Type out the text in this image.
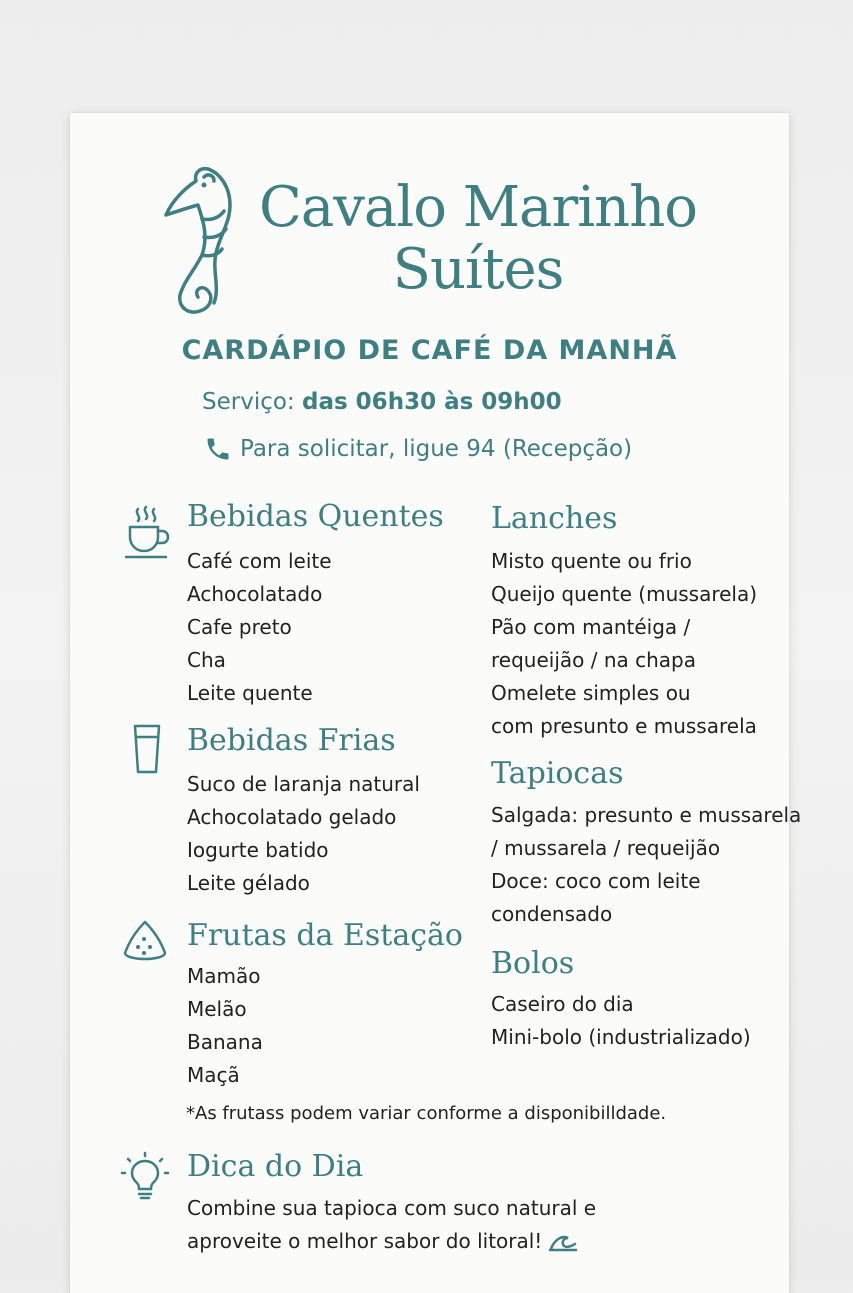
Cavalo Marinho
Suítes
CARDÁPIO DE CAFÉ DA MANHÃ
Serviço: das 06h30 às 09h00
Para solicitar, ligue 94 (Recepção)
Bebidas Quentes
Café com leite
Achocolatado
Cafe preto
Cha
Leite quente
Bebidas Frias
Suco de laranja natural
Achocolatado gelado
Iogurte batido
Leite gélado
Frutas da Estação
Mamão
Melão
Banana
Maçã
*As frutass podem variar conforme a disponibilldade.
Lanches
Misto quente ou frio
Queijo quente (mussarela)
Pão com mantéiga /
requeijão / na chapa
Omelete simples ou
com presunto e mussarela
Tapiocas
Salgada: presunto e mussarela
/ mussarela / requeijão
Doce: coco com leite
condensado
Bolos
Caseiro do dia
Mini-bolo (industrializado)
Dica do Dia
Combine sua tapioca com suco natural e
aproveite o melhor sabor do litoral!
